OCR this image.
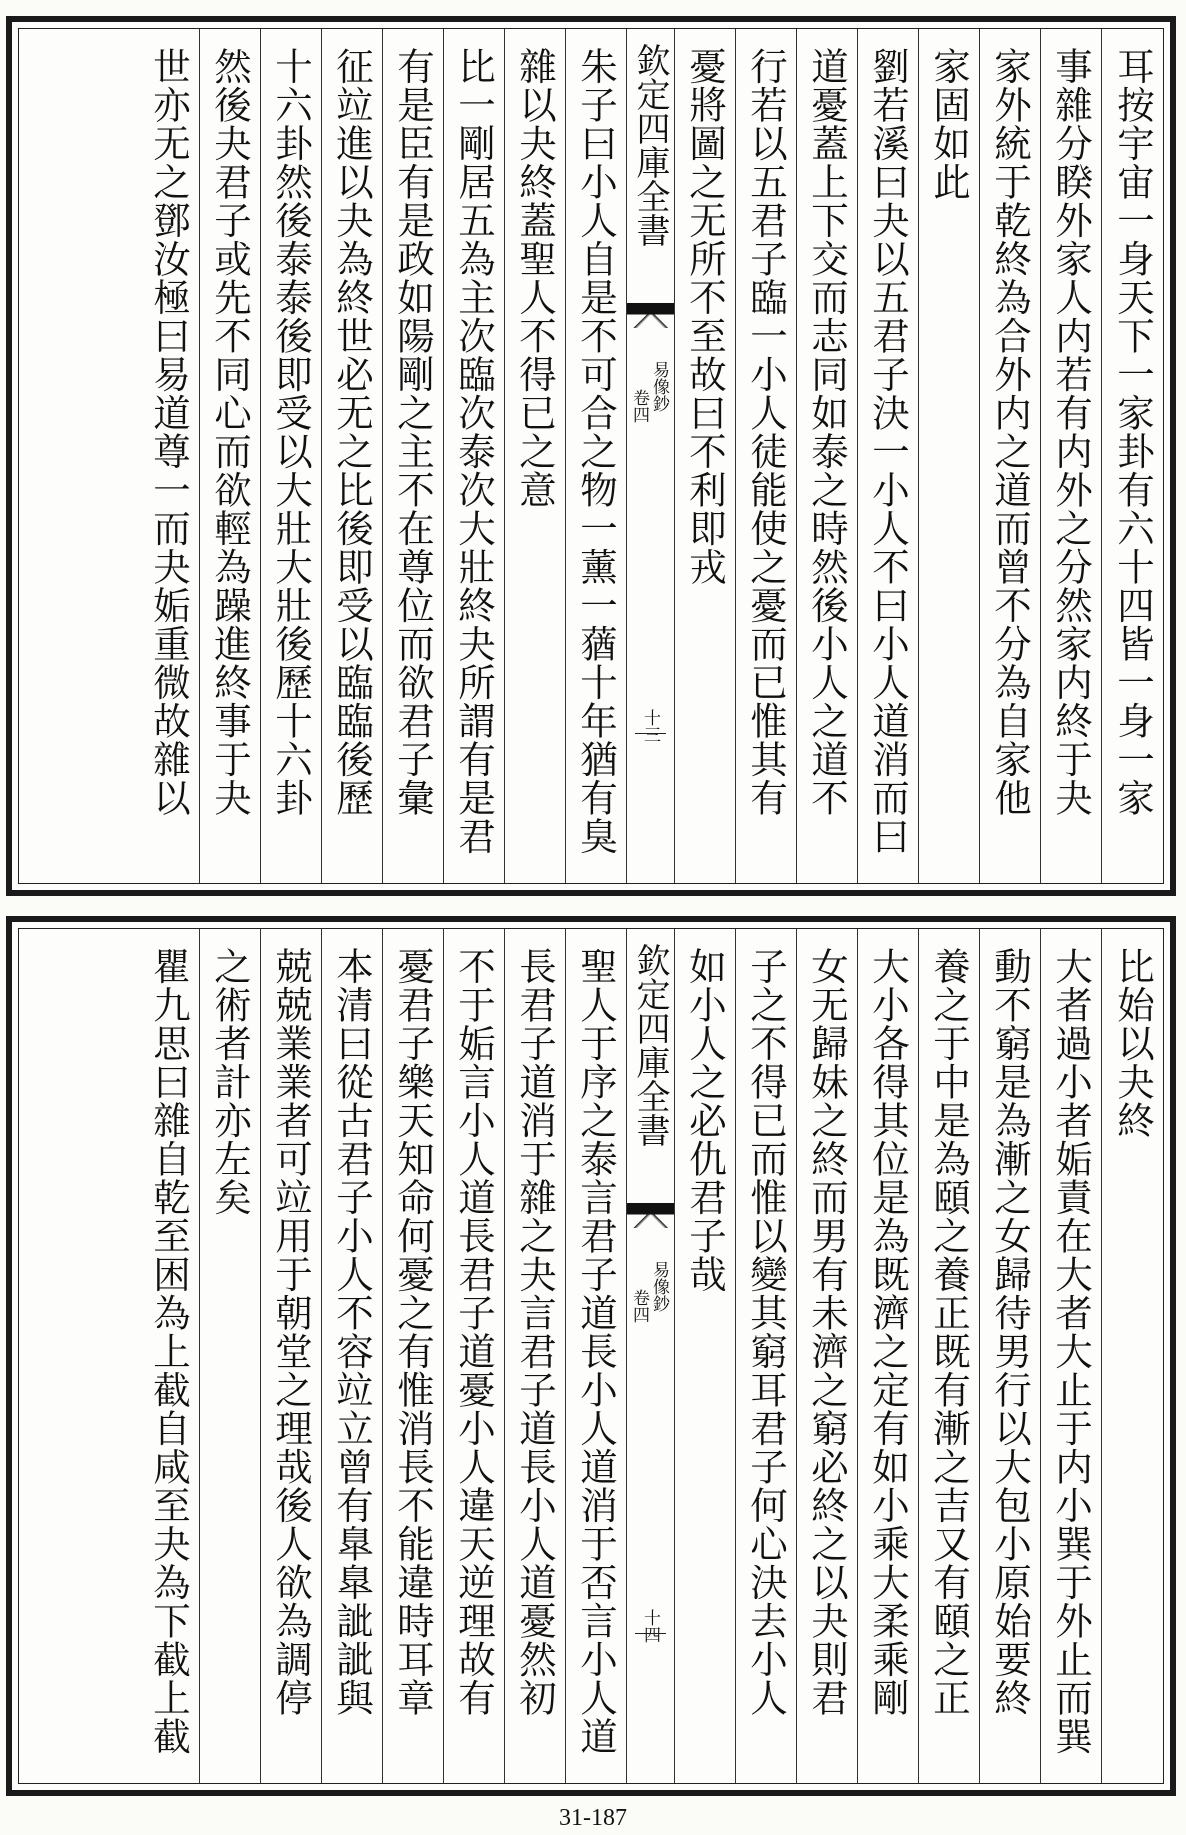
耳按宇宙一身天下一家卦有六十四皆一身一家
事雜分睽外家人内若有内外之分然家内終于夬
家外統于乾終為合外内之道而曾不分為自家他
家固如此
劉若溪曰夬以五君子決一小人不曰小人道消而曰
道憂蓋上下交而志同如泰之時然後小人之道不
行若以五君子臨一小人徒能使之憂而已惟其有
憂將圖之无所不至故曰不利即戎
欽定四庫全書
易像鈔
卷四
十三
朱子曰小人自是不可合之物一薰一蕕十年猶有臭
雜以夬終蓋聖人不得已之意
比一剛居五為主次臨次泰次大壯終夬所謂有是君
有是臣有是政如陽剛之主不在尊位而欲君子彙
征竝進以夬為終世必无之比後即受以臨臨後歷
十六卦然後泰泰後即受以大壯大壯後歷十六卦
然後夬君子或先不同心而欲輕為躁進終事于夬
世亦无之鄧汝極曰易道尊一而夬姤重微故雜以
比始以夬終
大者過小者姤責在大者大止于内小巽于外止而巽
動不窮是為漸之女歸待男行以大包小原始要終
養之于中是為頤之養正既有漸之吉又有頤之正
大小各得其位是為既濟之定有如小乘大柔乘剛
女无歸妹之終而男有未濟之窮必終之以夬則君
子之不得已而惟以變其窮耳君子何心決去小人
如小人之必仇君子哉
欽定四庫全書
易像鈔
卷四
十四
聖人于序之泰言君子道長小人道消于否言小人道
長君子道消于雜之夬言君子道長小人道憂然初
不于姤言小人道長君子道憂小人違天逆理故有
憂君子樂天知命何憂之有惟消長不能違時耳章
本清曰從古君子小人不容竝立曾有臯臯訿訿與
兢兢業業者可竝用于朝堂之理哉後人欲為調停
之術者計亦左矣
瞿九思曰雜自乾至困為上截自咸至夬為下截上截
31-187
